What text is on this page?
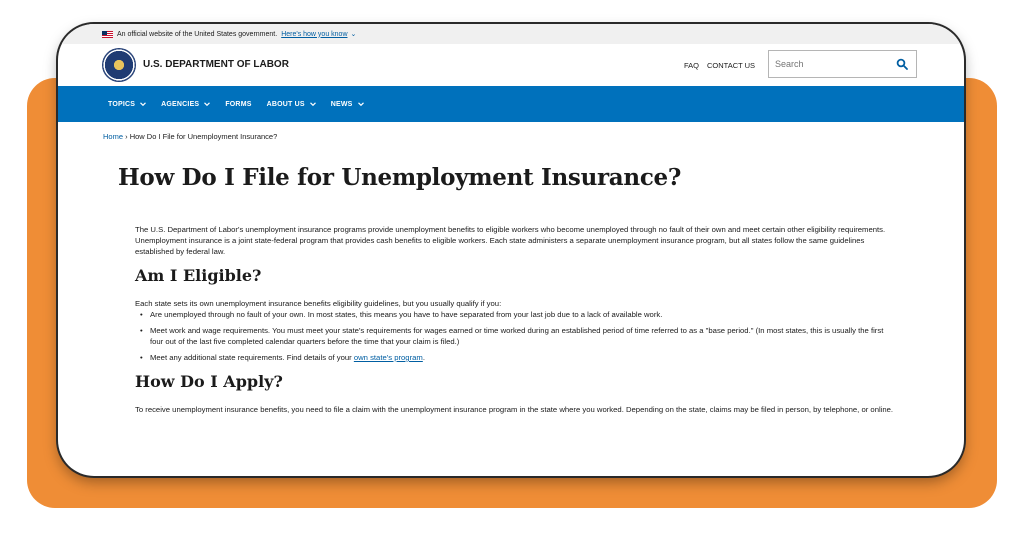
An official website of the United States government. Here's how you know ⌄
U.S. DEPARTMENT OF LABOR	FAQ CONTACT US
Search
TOPICS	AGENCIES	FORMS ABOUT US	NEWS
Home › How Do I File for Unemployment Insurance?
How Do I File for Unemployment Insurance?

The U.S. Department of Labor's unemployment insurance programs provide unemployment benefits to eligible workers who become unemployed through no fault of their own and meet certain other eligibility requirements.

Unemployment insurance is a joint state-federal program that provides cash benefits to eligible workers. Each state administers a separate unemployment insurance program, but all states follow the same guidelines established by federal law.

Am I Eligible?

Each state sets its own unemployment insurance benefits eligibility guidelines, but you usually qualify if you:

• Are unemployed through no fault of your own. In most states, this means you have to have separated from your last job due to a lack of available work.
• Meet work and wage requirements. You must meet your state's requirements for wages earned or time worked during an established period of time referred to as a "base period." (In most states, this is usually the first four out of the last five completed calendar quarters before the time that your claim is filed.)
• Meet any additional state requirements. Find details of your own state's program.
How Do I Apply?

To receive unemployment insurance benefits, you need to file a claim with the unemployment insurance program in the state where you worked. Depending on the state, claims may be filed in person, by telephone, or online.
